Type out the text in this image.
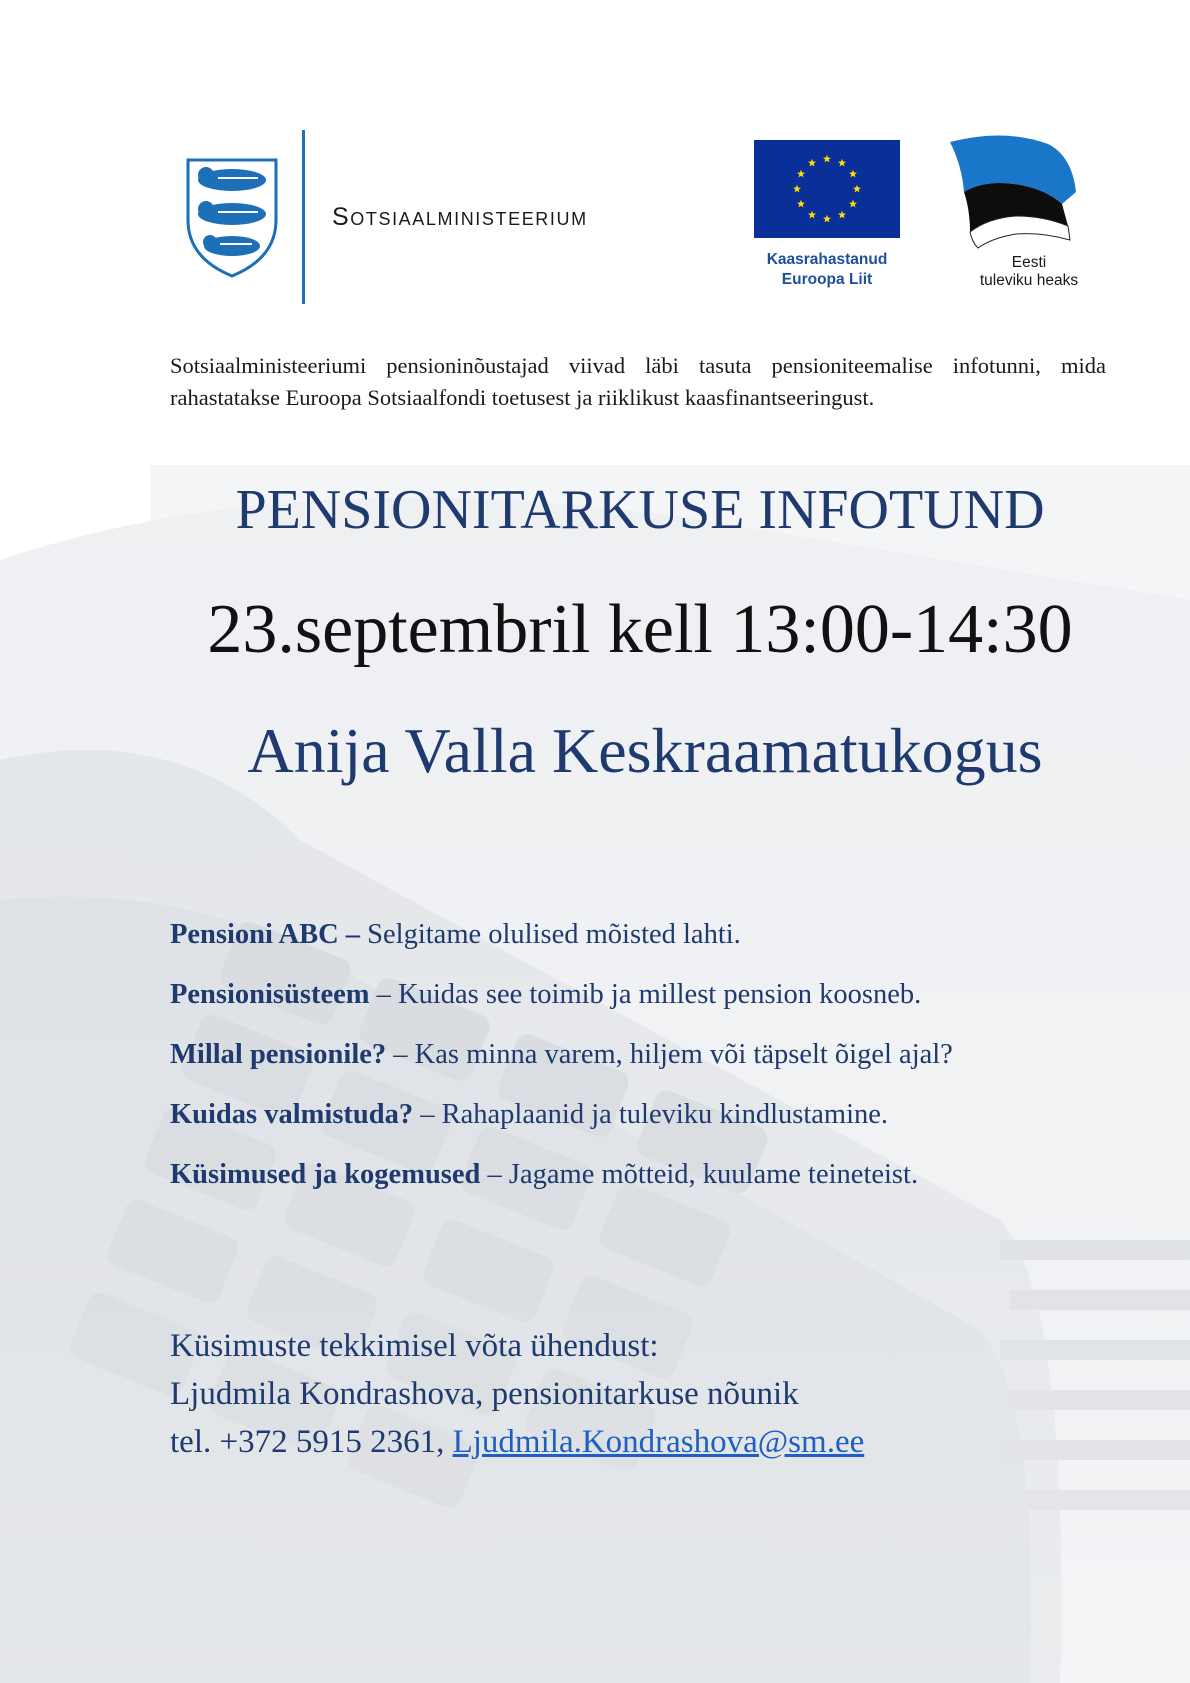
Sotsiaalministeerium
Kaasrahastanud
Euroopa Liit
Eesti
tuleviku heaks
Sotsiaalministeeriumi pensioninõustajad viivad läbi tasuta pensioniteemalise infotunni, mida rahastatakse Euroopa Sotsiaalfondi toetusest ja riiklikust kaasfinantseeringust.
PENSIONITARKUSE INFOTUND
23.septembril kell 13:00-14:30
Anija Valla Keskraamatukogus
Pensioni ABC – Selgitame olulised mõisted lahti.
Pensionisüsteem – Kuidas see toimib ja millest pension koosneb.
Millal pensionile? – Kas minna varem, hiljem või täpselt õigel ajal?
Kuidas valmistuda? – Rahaplaanid ja tuleviku kindlustamine.
Küsimused ja kogemused – Jagame mõtteid, kuulame teineteist.
Küsimuste tekkimisel võta ühendust:
Ljudmila Kondrashova, pensionitarkuse nõunik
tel. +372 5915 2361, Ljudmila.Kondrashova@sm.ee
